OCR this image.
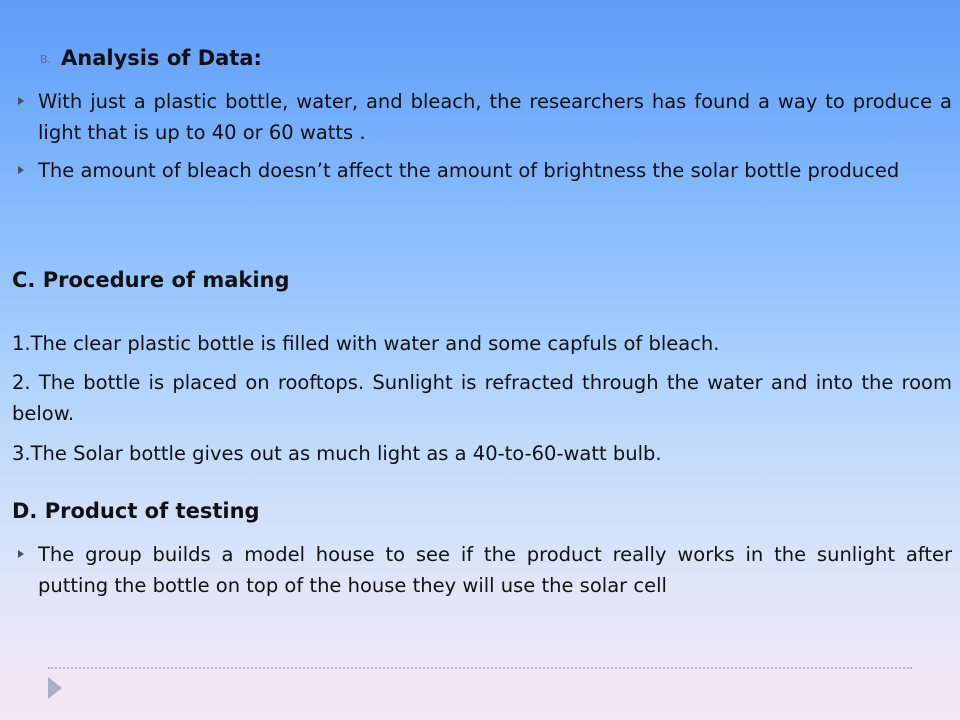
B. Analysis of Data:

With just a plastic bottle, water, and bleach, the researchers has found a way to produce a light that is up to 40 or 60 watts .
The amount of bleach doesn’t affect the amount of brightness the solar bottle produced

C. Procedure of making

1.The clear plastic bottle is filled with water and some capfuls of bleach.

2. The bottle is placed on rooftops. Sunlight is refracted through the water and into the room below.

3.The Solar bottle gives out as much light as a 40-to-60-watt bulb.

D. Product of testing

The group builds a model house to see if the product really works in the sunlight after putting the bottle on top of the house they will use the solar cell
